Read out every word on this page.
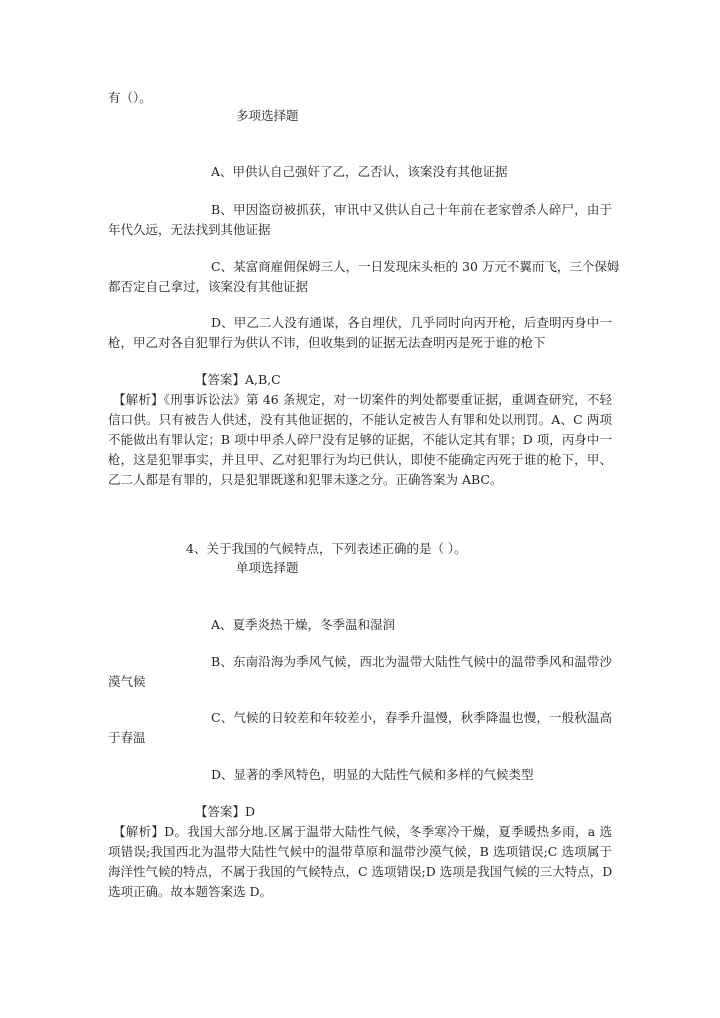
有（）。
多项选择题
A、甲供认自己强奸了乙，乙否认，该案没有其他证据
B、甲因盗窃被抓获，审讯中又供认自己十年前在老家曾杀人碎尸，由于
年代久远，无法找到其他证据
C、某富商雇佣保姆三人，一日发现床头柜的 30 万元不翼而飞，三个保姆
都否定自己拿过，该案没有其他证据
D、甲乙二人没有通谋，各自埋伏，几乎同时向丙开枪，后查明丙身中一
枪，甲乙对各自犯罪行为供认不讳，但收集到的证据无法查明丙是死于谁的枪下
【答案】A,B,C
【解析】《刑事诉讼法》第 46 条规定，对一切案件的判处都要重证据，重调查研究，不轻
信口供。只有被告人供述，没有其他证据的，不能认定被告人有罪和处以刑罚。A、C 两项
不能做出有罪认定；B 项中甲杀人碎尸没有足够的证据，不能认定其有罪；D 项，丙身中一
枪，这是犯罪事实，并且甲、乙对犯罪行为均已供认，即使不能确定丙死于谁的枪下，甲、
乙二人都是有罪的，只是犯罪既遂和犯罪未遂之分。正确答案为 ABC。
4、关于我国的气候特点，下列表述正确的是（ ）。
单项选择题
A、夏季炎热干燥，冬季温和湿润
B、东南沿海为季风气候，西北为温带大陆性气候中的温带季风和温带沙
漠气候
C、气候的日较差和年较差小，春季升温慢，秋季降温也慢，一般秋温高
于春温
D、显著的季风特色，明显的大陆性气候和多样的气候类型
【答案】D
【解析】D。我国大部分地.区属于温带大陆性气候，冬季寒冷干燥，夏季暖热多雨，a 选
项错误;我国西北为温带大陆性气候中的温带草原和温带沙漠气候，B 选项错误;C 选项属于
海洋性气候的特点，不属于我国的气候特点，C 选项错误;D 选项是我国气候的三大特点，D
选项正确。故本题答案选 D。
